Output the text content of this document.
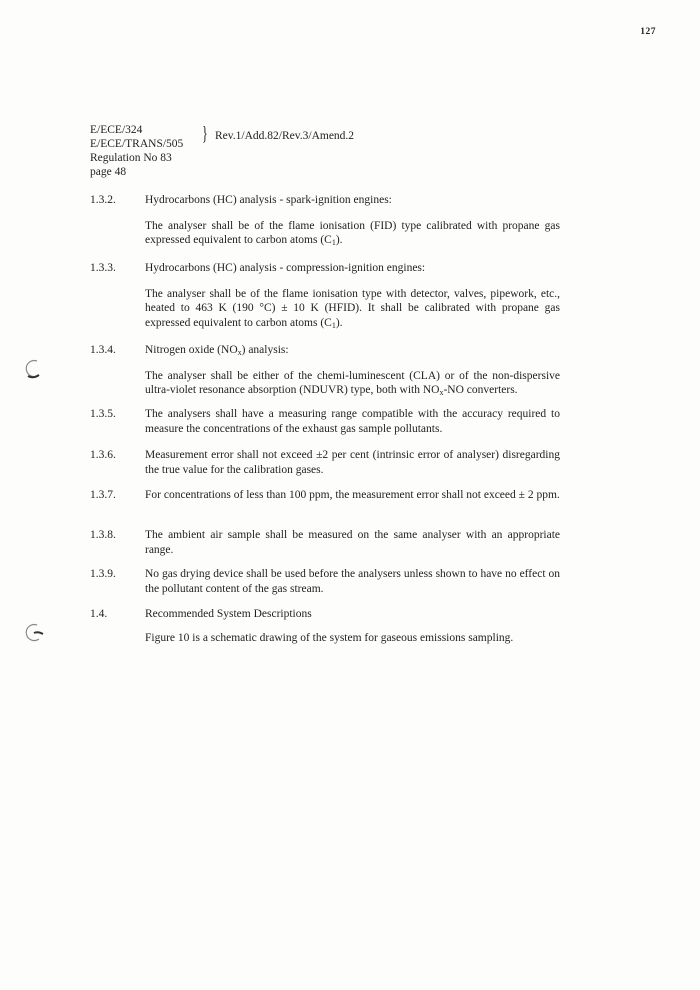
127
E/ECE/324
E/ECE/TRANS/505
Regulation No 83
page 48
} Rev.1/Add.82/Rev.3/Amend.2
1.3.2.	Hydrocarbons (HC) analysis - spark-ignition engines:
The analyser shall be of the flame ionisation (FID) type calibrated with propane gas expressed equivalent to carbon atoms $(C_1)$.
1.3.3.	Hydrocarbons (HC) analysis - compression-ignition engines:
The analyser shall be of the flame ionisation type with detector, valves, pipework, etc., heated to 463 K (190 °C) ± 10 K (HFID). It shall be calibrated with propane gas expressed equivalent to carbon atoms $(C_1)$.
1.3.4.	Nitrogen oxide $(NO_x)$ analysis:
The analyser shall be either of the chemi-luminescent (CLA) or of the non-dispersive ultra-violet resonance absorption (NDUVR) type, both with $NO_x-NO$ converters.
1.3.5.	The analysers shall have a measuring range compatible with the accuracy required to measure the concentrations of the exhaust gas sample pollutants.
1.3.6.	Measurement error shall not exceed ±2 per cent (intrinsic error of analyser) disregarding the true value for the calibration gases.
1.3.7.	For concentrations of less than 100 ppm, the measurement error shall not exceed ± 2 ppm.
1.3.8.	The ambient air sample shall be measured on the same analyser with an appropriate range.
1.3.9.	No gas drying device shall be used before the analysers unless shown to have no effect on the pollutant content of the gas stream.
1.4.	Recommended System Descriptions
Figure 10 is a schematic drawing of the system for gaseous emissions sampling.
